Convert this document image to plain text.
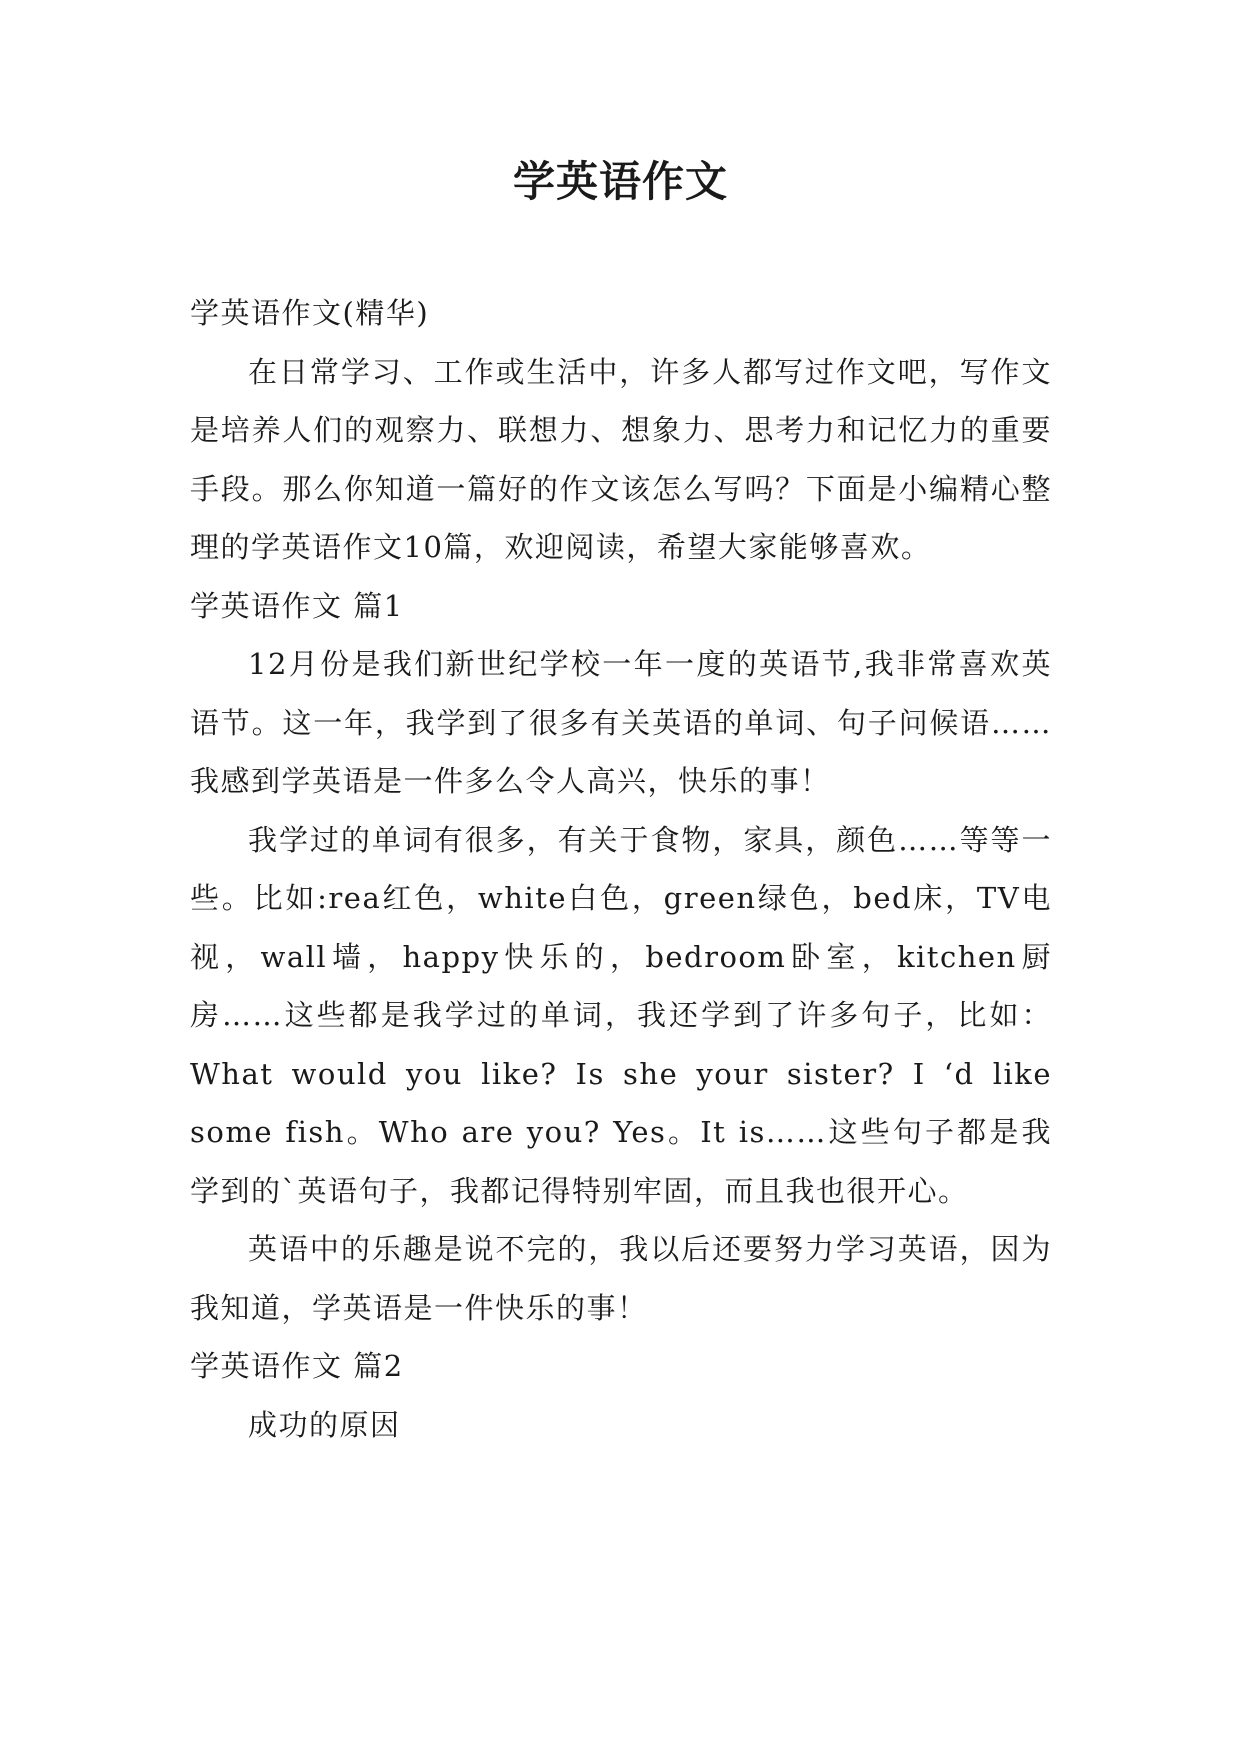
学英语作文

学英语作文(精华)

在日常学习、工作或生活中，许多人都写过作文吧，写作文是培养人们的观察力、联想力、想象力、思考力和记忆力的重要手段。那么你知道一篇好的作文该怎么写吗？下面是小编精心整理的学英语作文10篇，欢迎阅读，希望大家能够喜欢。

学英语作文 篇1

12月份是我们新世纪学校一年一度的英语节,我非常喜欢英语节。这一年，我学到了很多有关英语的单词、句子问候语……我感到学英语是一件多么令人高兴，快乐的事！

我学过的单词有很多，有关于食物，家具，颜色……等等一些。比如:rea红色，white白色，green绿色，bed床，TV电视，wall墙，happy快乐的，bedroom卧室，kitchen厨房……这些都是我学过的单词，我还学到了许多句子，比如：What would you like? Is she your sister? I ‘d like some fish。Who are you? Yes。It is……这些句子都是我学到的`英语句子，我都记得特别牢固，而且我也很开心。

英语中的乐趣是说不完的，我以后还要努力学习英语，因为我知道，学英语是一件快乐的事！

学英语作文 篇2

成功的原因
